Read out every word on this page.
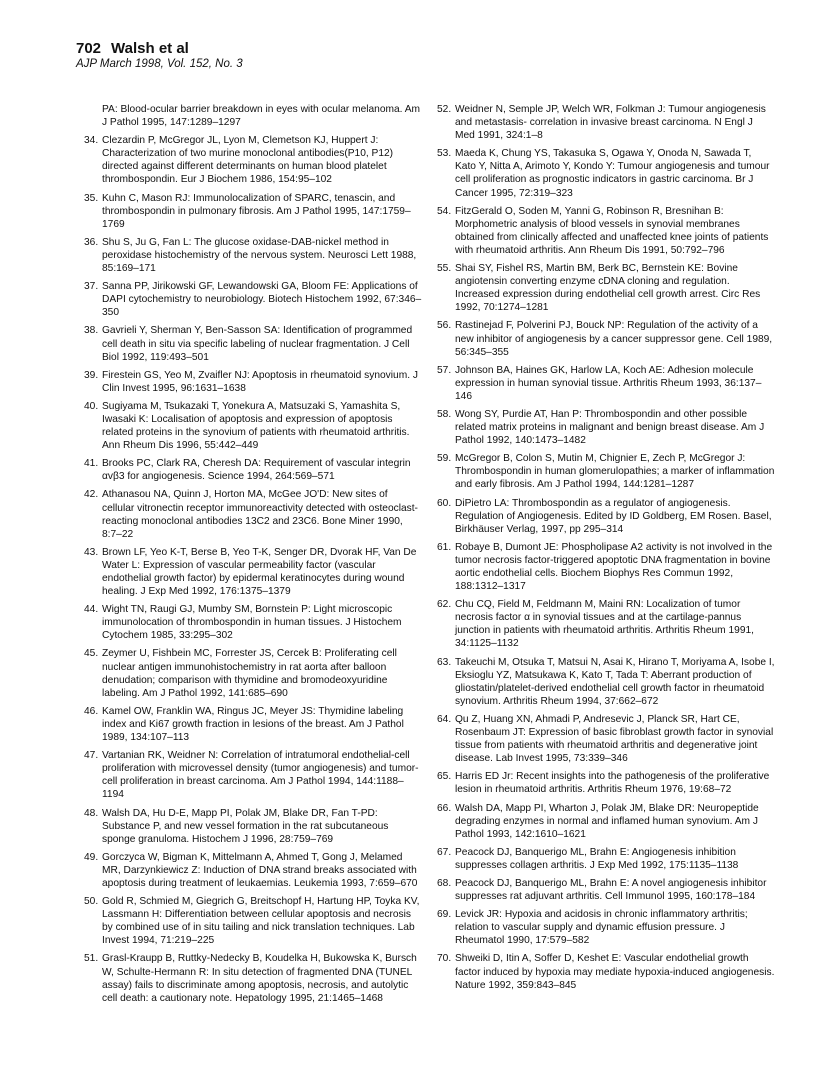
702 Walsh et al
AJP March 1998, Vol. 152, No. 3
PA: Blood-ocular barrier breakdown in eyes with ocular melanoma. Am J Pathol 1995, 147:1289–1297
34. Clezardin P, McGregor JL, Lyon M, Clemetson KJ, Huppert J: Characterization of two murine monoclonal antibodies(P10, P12) directed against different determinants on human blood platelet thrombospondin. Eur J Biochem 1986, 154:95–102
35. Kuhn C, Mason RJ: Immunolocalization of SPARC, tenascin, and thrombospondin in pulmonary fibrosis. Am J Pathol 1995, 147:1759–1769
36. Shu S, Ju G, Fan L: The glucose oxidase-DAB-nickel method in peroxidase histochemistry of the nervous system. Neurosci Lett 1988, 85:169–171
37. Sanna PP, Jirikowski GF, Lewandowski GA, Bloom FE: Applications of DAPI cytochemistry to neurobiology. Biotech Histochem 1992, 67:346–350
38. Gavrieli Y, Sherman Y, Ben-Sasson SA: Identification of programmed cell death in situ via specific labeling of nuclear fragmentation. J Cell Biol 1992, 119:493–501
39. Firestein GS, Yeo M, Zvaifler NJ: Apoptosis in rheumatoid synovium. J Clin Invest 1995, 96:1631–1638
40. Sugiyama M, Tsukazaki T, Yonekura A, Matsuzaki S, Yamashita S, Iwasaki K: Localisation of apoptosis and expression of apoptosis related proteins in the synovium of patients with rheumatoid arthritis. Ann Rheum Dis 1996, 55:442–449
41. Brooks PC, Clark RA, Cheresh DA: Requirement of vascular integrin αvβ3 for angiogenesis. Science 1994, 264:569–571
42. Athanasou NA, Quinn J, Horton MA, McGee JO'D: New sites of cellular vitronectin receptor immunoreactivity detected with osteoclast-reacting monoclonal antibodies 13C2 and 23C6. Bone Miner 1990, 8:7–22
43. Brown LF, Yeo K-T, Berse B, Yeo T-K, Senger DR, Dvorak HF, Van De Water L: Expression of vascular permeability factor (vascular endothelial growth factor) by epidermal keratinocytes during wound healing. J Exp Med 1992, 176:1375–1379
44. Wight TN, Raugi GJ, Mumby SM, Bornstein P: Light microscopic immunolocation of thrombospondin in human tissues. J Histochem Cytochem 1985, 33:295–302
45. Zeymer U, Fishbein MC, Forrester JS, Cercek B: Proliferating cell nuclear antigen immunohistochemistry in rat aorta after balloon denudation; comparison with thymidine and bromodeoxyuridine labeling. Am J Pathol 1992, 141:685–690
46. Kamel OW, Franklin WA, Ringus JC, Meyer JS: Thymidine labeling index and Ki67 growth fraction in lesions of the breast. Am J Pathol 1989, 134:107–113
47. Vartanian RK, Weidner N: Correlation of intratumoral endothelial-cell proliferation with microvessel density (tumor angiogenesis) and tumor-cell proliferation in breast carcinoma. Am J Pathol 1994, 144:1188–1194
48. Walsh DA, Hu D-E, Mapp PI, Polak JM, Blake DR, Fan T-PD: Substance P, and new vessel formation in the rat subcutaneous sponge granuloma. Histochem J 1996, 28:759–769
49. Gorczyca W, Bigman K, Mittelmann A, Ahmed T, Gong J, Melamed MR, Darzynkiewicz Z: Induction of DNA strand breaks associated with apoptosis during treatment of leukaemias. Leukemia 1993, 7:659–670
50. Gold R, Schmied M, Giegrich G, Breitschopf H, Hartung HP, Toyka KV, Lassmann H: Differentiation between cellular apoptosis and necrosis by combined use of in situ tailing and nick translation techniques. Lab Invest 1994, 71:219–225
51. Grasl-Kraupp B, Ruttky-Nedecky B, Koudelka H, Bukowska K, Bursch W, Schulte-Hermann R: In situ detection of fragmented DNA (TUNEL assay) fails to discriminate among apoptosis, necrosis, and autolytic cell death: a cautionary note. Hepatology 1995, 21:1465–1468
52. Weidner N, Semple JP, Welch WR, Folkman J: Tumour angiogenesis and metastasis- correlation in invasive breast carcinoma. N Engl J Med 1991, 324:1–8
53. Maeda K, Chung YS, Takasuka S, Ogawa Y, Onoda N, Sawada T, Kato Y, Nitta A, Arimoto Y, Kondo Y: Tumour angiogenesis and tumour cell proliferation as prognostic indicators in gastric carcinoma. Br J Cancer 1995, 72:319–323
54. FitzGerald O, Soden M, Yanni G, Robinson R, Bresnihan B: Morphometric analysis of blood vessels in synovial membranes obtained from clinically affected and unaffected knee joints of patients with rheumatoid arthritis. Ann Rheum Dis 1991, 50:792–796
55. Shai SY, Fishel RS, Martin BM, Berk BC, Bernstein KE: Bovine angiotensin converting enzyme cDNA cloning and regulation. Increased expression during endothelial cell growth arrest. Circ Res 1992, 70:1274–1281
56. Rastinejad F, Polverini PJ, Bouck NP: Regulation of the activity of a new inhibitor of angiogenesis by a cancer suppressor gene. Cell 1989, 56:345–355
57. Johnson BA, Haines GK, Harlow LA, Koch AE: Adhesion molecule expression in human synovial tissue. Arthritis Rheum 1993, 36:137–146
58. Wong SY, Purdie AT, Han P: Thrombospondin and other possible related matrix proteins in malignant and benign breast disease. Am J Pathol 1992, 140:1473–1482
59. McGregor B, Colon S, Mutin M, Chignier E, Zech P, McGregor J: Thrombospondin in human glomerulopathies; a marker of inflammation and early fibrosis. Am J Pathol 1994, 144:1281–1287
60. DiPietro LA: Thrombospondin as a regulator of angiogenesis. Regulation of Angiogenesis. Edited by ID Goldberg, EM Rosen. Basel, Birkhäuser Verlag, 1997, pp 295–314
61. Robaye B, Dumont JE: Phospholipase A2 activity is not involved in the tumor necrosis factor-triggered apoptotic DNA fragmentation in bovine aortic endothelial cells. Biochem Biophys Res Commun 1992, 188:1312–1317
62. Chu CQ, Field M, Feldmann M, Maini RN: Localization of tumor necrosis factor α in synovial tissues and at the cartilage-pannus junction in patients with rheumatoid arthritis. Arthritis Rheum 1991, 34:1125–1132
63. Takeuchi M, Otsuka T, Matsui N, Asai K, Hirano T, Moriyama A, Isobe I, Eksioglu YZ, Matsukawa K, Kato T, Tada T: Aberrant production of gliostatin/platelet-derived endothelial cell growth factor in rheumatoid synovium. Arthritis Rheum 1994, 37:662–672
64. Qu Z, Huang XN, Ahmadi P, Andresevic J, Planck SR, Hart CE, Rosenbaum JT: Expression of basic fibroblast growth factor in synovial tissue from patients with rheumatoid arthritis and degenerative joint disease. Lab Invest 1995, 73:339–346
65. Harris ED Jr: Recent insights into the pathogenesis of the proliferative lesion in rheumatoid arthritis. Arthritis Rheum 1976, 19:68–72
66. Walsh DA, Mapp PI, Wharton J, Polak JM, Blake DR: Neuropeptide degrading enzymes in normal and inflamed human synovium. Am J Pathol 1993, 142:1610–1621
67. Peacock DJ, Banquerigo ML, Brahn E: Angiogenesis inhibition suppresses collagen arthritis. J Exp Med 1992, 175:1135–1138
68. Peacock DJ, Banquerigo ML, Brahn E: A novel angiogenesis inhibitor suppresses rat adjuvant arthritis. Cell Immunol 1995, 160:178–184
69. Levick JR: Hypoxia and acidosis in chronic inflammatory arthritis; relation to vascular supply and dynamic effusion pressure. J Rheumatol 1990, 17:579–582
70. Shweiki D, Itin A, Soffer D, Keshet E: Vascular endothelial growth factor induced by hypoxia may mediate hypoxia-induced angiogenesis. Nature 1992, 359:843–845
